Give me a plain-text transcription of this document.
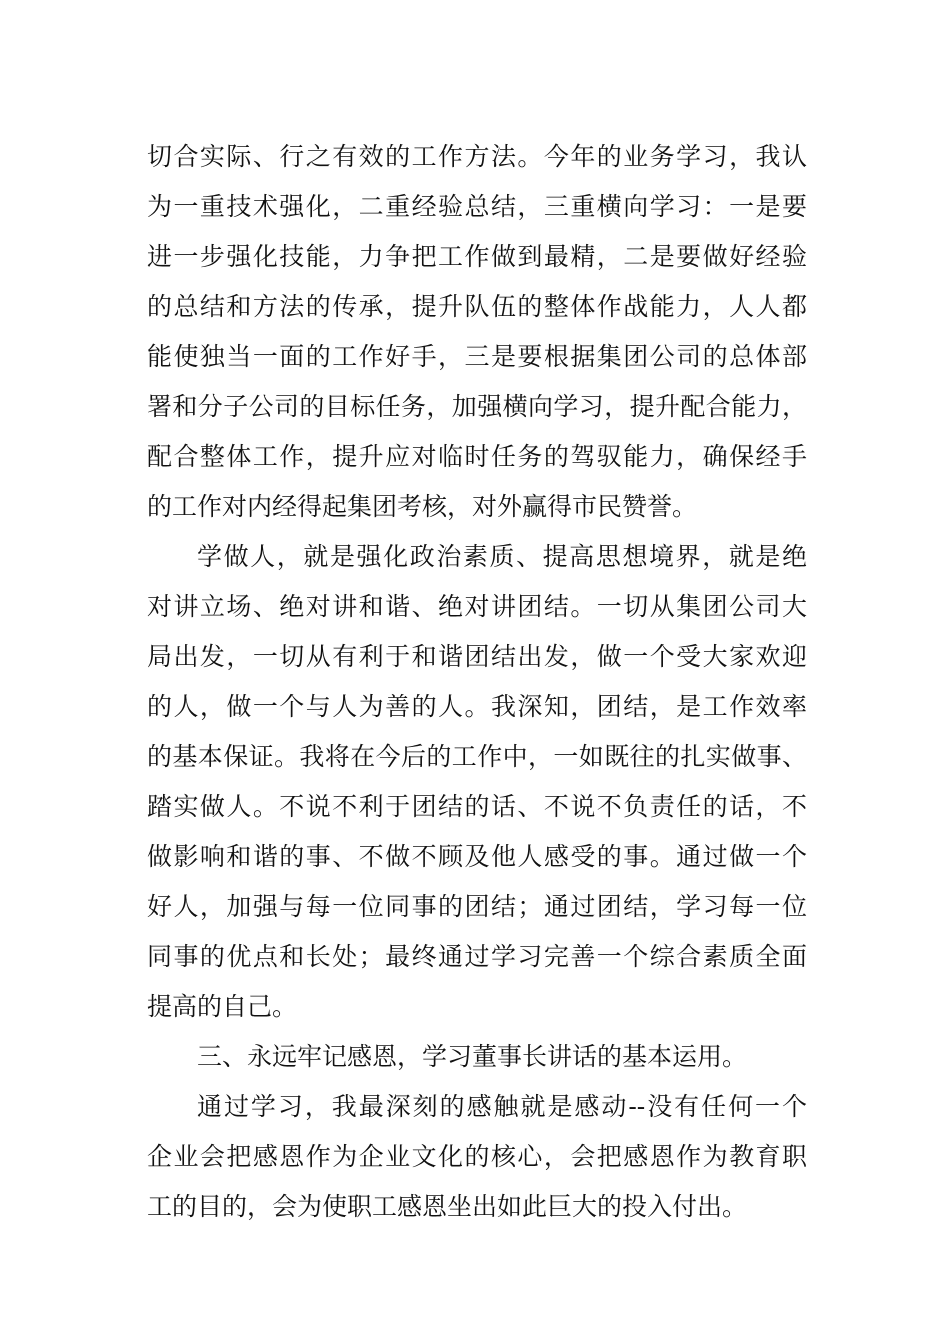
切合实际、行之有效的工作方法。今年的业务学习，我认
为一重技术强化，二重经验总结，三重横向学习：一是要
进一步强化技能，力争把工作做到最精，二是要做好经验
的总结和方法的传承，提升队伍的整体作战能力，人人都
能使独当一面的工作好手，三是要根据集团公司的总体部
署和分子公司的目标任务，加强横向学习，提升配合能力，
配合整体工作，提升应对临时任务的驾驭能力，确保经手
的工作对内经得起集团考核，对外赢得市民赞誉。
学做人，就是强化政治素质、提高思想境界，就是绝
对讲立场、绝对讲和谐、绝对讲团结。一切从集团公司大
局出发，一切从有利于和谐团结出发，做一个受大家欢迎
的人，做一个与人为善的人。我深知，团结，是工作效率
的基本保证。我将在今后的工作中，一如既往的扎实做事、
踏实做人。不说不利于团结的话、不说不负责任的话，不
做影响和谐的事、不做不顾及他人感受的事。通过做一个
好人，加强与每一位同事的团结；通过团结，学习每一位
同事的优点和长处；最终通过学习完善一个综合素质全面
提高的自己。
三、永远牢记感恩，学习董事长讲话的基本运用。
通过学习，我最深刻的感触就是感动--没有任何一个
企业会把感恩作为企业文化的核心，会把感恩作为教育职
工的目的，会为使职工感恩坐出如此巨大的投入付出。
